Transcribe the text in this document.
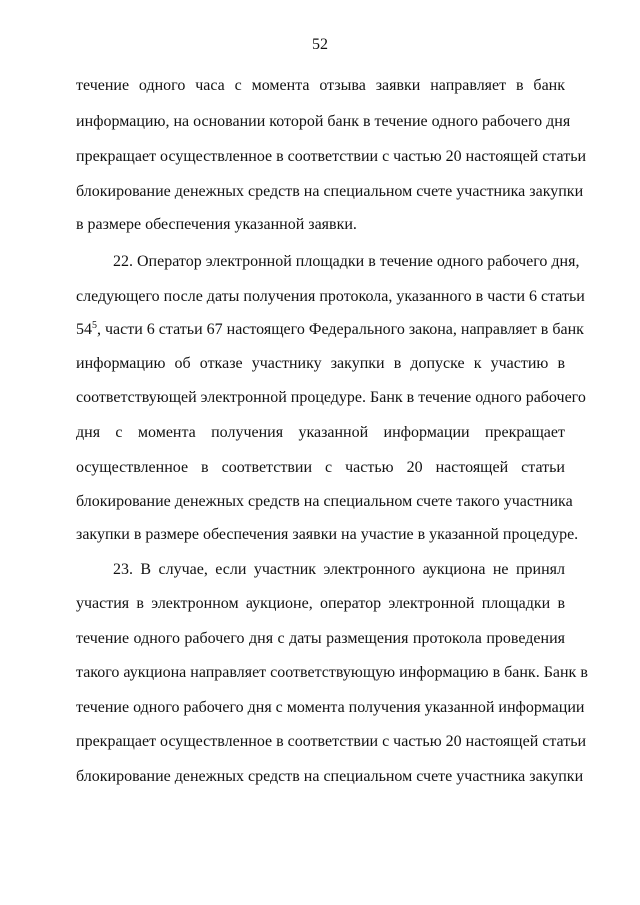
52
течение одного часа с момента отзыва заявки направляет в банк
информацию, на основании которой банк в течение одного рабочего дня
прекращает осуществленное в соответствии с частью 20 настоящей статьи
блокирование денежных средств на специальном счете участника закупки
в размере обеспечения указанной заявки.
22. Оператор электронной площадки в течение одного рабочего дня,
следующего после даты получения протокола, указанного в части 6 статьи
$54^5$, части 6 статьи 67 настоящего Федерального закона, направляет в банк
информацию об отказе участнику закупки в допуске к участию в
соответствующей электронной процедуре. Банк в течение одного рабочего
дня с момента получения указанной информации прекращает
осуществленное в соответствии с частью 20 настоящей статьи
блокирование денежных средств на специальном счете такого участника
закупки в размере обеспечения заявки на участие в указанной процедуре.
23. В случае, если участник электронного аукциона не принял
участия в электронном аукционе, оператор электронной площадки в
течение одного рабочего дня с даты размещения протокола проведения
такого аукциона направляет соответствующую информацию в банк. Банк в
течение одного рабочего дня с момента получения указанной информации
прекращает осуществленное в соответствии с частью 20 настоящей статьи
блокирование денежных средств на специальном счете участника закупки
